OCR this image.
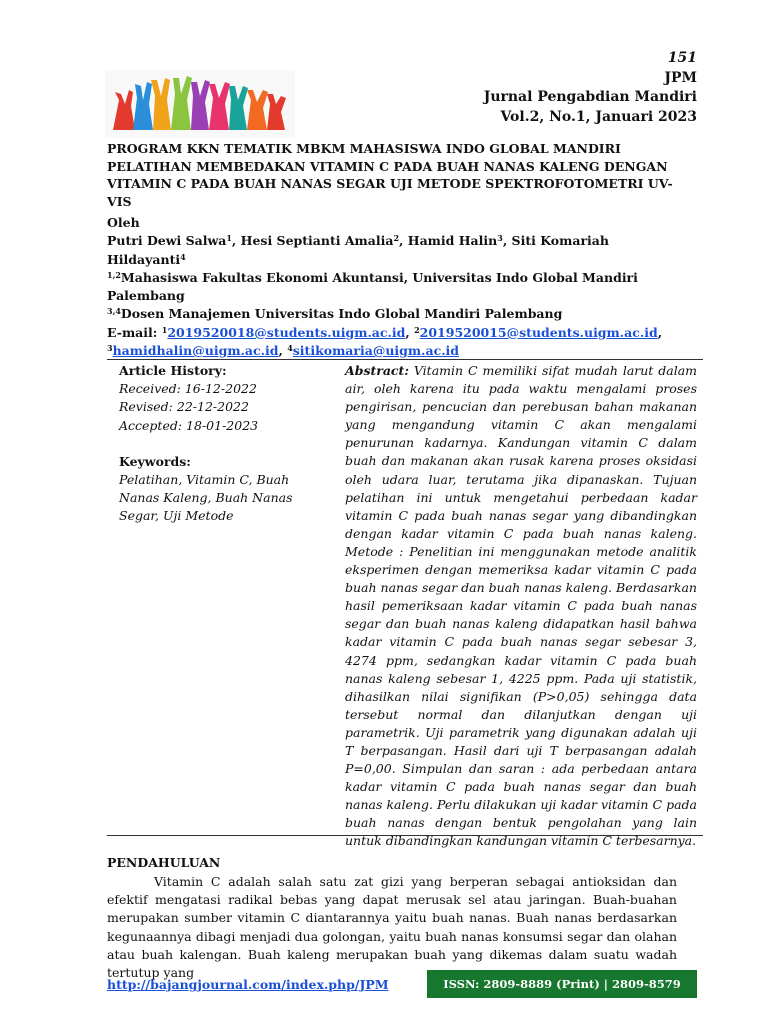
151
JPM
Jurnal Pengabdian Mandiri
Vol.2, No.1, Januari 2023
PROGRAM KKN TEMATIK MBKM MAHASISWA INDO GLOBAL MANDIRI PELATIHAN MEMBEDAKAN VITAMIN C PADA BUAH NANAS KALENG DENGAN VITAMIN C PADA BUAH NANAS SEGAR UJI METODE SPEKTROFOTOMETRI UV-VIS
Oleh
Putri Dewi Salwa$^1$, Hesi Septianti Amalia$^2$, Hamid Halin$^3$, Siti Komariah Hildayanti$^4$
$^{1,2}$Mahasiswa Fakultas Ekonomi Akuntansi, Universitas Indo Global Mandiri Palembang
$^{3,4}$Dosen Manajemen Universitas Indo Global Mandiri Palembang
E-mail: $^1$2019520018@students.uigm.ac.id, $^2$2019520015@students.uigm.ac.id,
$^3$hamidhalin@uigm.ac.id, $^4$sitikomaria@uigm.ac.id
Article History:
Received: 16-12-2022
Revised: 22-12-2022
Accepted: 18-01-2023
Keywords:
Pelatihan, Vitamin C, Buah Nanas Kaleng, Buah Nanas Segar, Uji Metode
Abstract: Vitamin C memiliki sifat mudah larut dalam air, oleh karena itu pada waktu mengalami proses pengirisan, pencucian dan perebusan bahan makanan yang mengandung vitamin C akan mengalami penurunan kadarnya. Kandungan vitamin C dalam buah dan makanan akan rusak karena proses oksidasi oleh udara luar, terutama jika dipanaskan. Tujuan pelatihan ini untuk mengetahui perbedaan kadar vitamin C pada buah nanas segar yang dibandingkan dengan kadar vitamin C pada buah nanas kaleng. Metode : Penelitian ini menggunakan metode analitik eksperimen dengan memeriksa kadar vitamin C pada buah nanas segar dan buah nanas kaleng. Berdasarkan hasil pemeriksaan kadar vitamin C pada buah nanas segar dan buah nanas kaleng didapatkan hasil bahwa kadar vitamin C pada buah nanas segar sebesar 3, 4274 ppm, sedangkan kadar vitamin C pada buah nanas kaleng sebesar 1, 4225 ppm. Pada uji statistik, dihasilkan nilai signifikan (P>0,05) sehingga data tersebut normal dan dilanjutkan dengan uji parametrik. Uji parametrik yang digunakan adalah uji T berpasangan. Hasil dari uji T berpasangan adalah P=0,00. Simpulan dan saran : ada perbedaan antara kadar vitamin C pada buah nanas segar dan buah nanas kaleng. Perlu dilakukan uji kadar vitamin C pada buah nanas dengan bentuk pengolahan yang lain untuk dibandingkan kandungan vitamin C terbesarnya.
PENDAHULUAN
Vitamin C adalah salah satu zat gizi yang berperan sebagai antioksidan dan efektif mengatasi radikal bebas yang dapat merusak sel atau jaringan. Buah-buahan merupakan sumber vitamin C diantarannya yaitu buah nanas. Buah nanas berdasarkan kegunaannya dibagi menjadi dua golongan, yaitu buah nanas konsumsi segar dan olahan atau buah kalengan. Buah kaleng merupakan buah yang dikemas dalam suatu wadah tertutup yang
http://bajangjournal.com/index.php/JPM	ISSN: 2809-8889 (Print) | 2809-8579 (Online)
